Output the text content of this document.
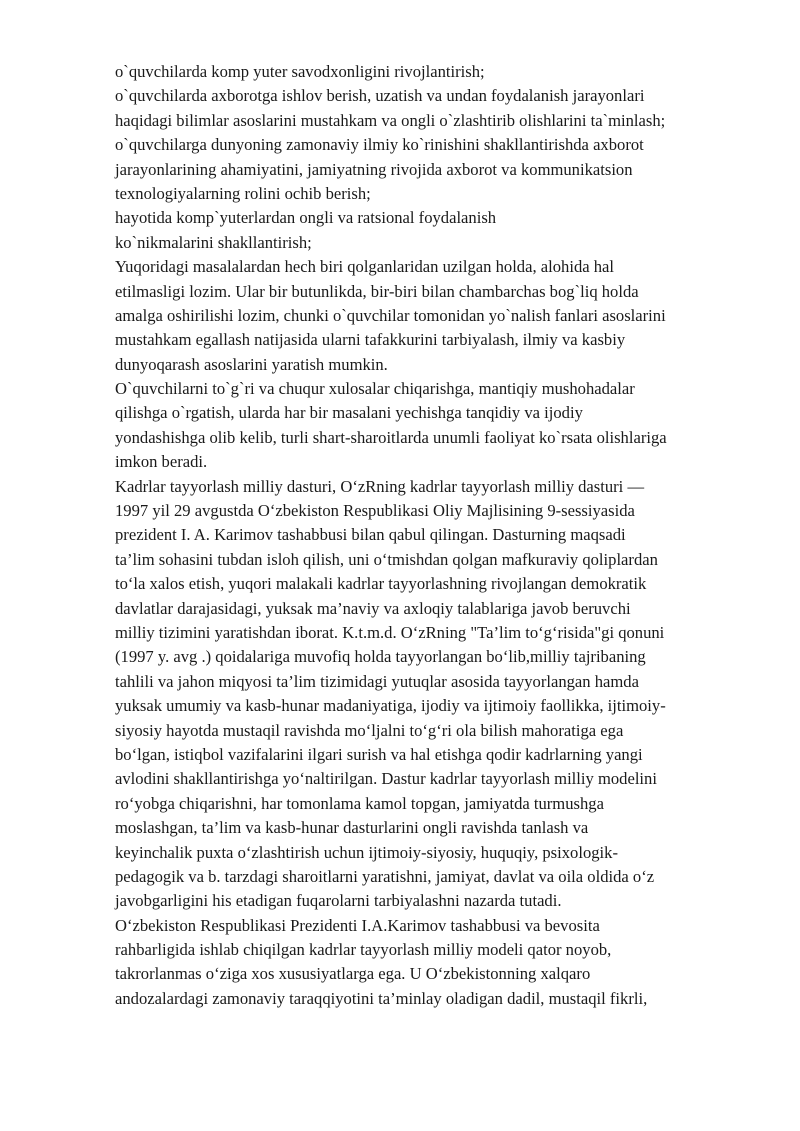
o`quvchilarda komp yuter savodxonligini rivojlantirish;
o`quvchilarda axborotga ishlov berish, uzatish va undan foydalanish jarayonlari
haqidagi bilimlar asoslarini mustahkam va ongli o`zlashtirib olishlarini ta`minlash;
o`quvchilarga dunyoning zamonaviy ilmiy ko`rinishini shakllantirishda axborot
jarayonlarining ahamiyatini, jamiyatning rivojida axborot va kommunikatsion
texnologiyalarning rolini ochib berish;
hayotida komp`yuterlardan ongli va ratsional foydalanish
ko`nikmalarini shakllantirish;
Yuqoridagi masalalardan hech biri qolganlaridan uzilgan holda, alohida hal
etilmasligi lozim. Ular bir butunlikda, bir-biri bilan chambarchas bog`liq holda
amalga oshirilishi lozim, chunki o`quvchilar tomonidan yo`nalish fanlari asoslarini
mustahkam egallash natijasida ularni tafakkurini tarbiyalash, ilmiy va kasbiy
dunyoqarash asoslarini yaratish mumkin.
O`quvchilarni to`g`ri va chuqur xulosalar chiqarishga, mantiqiy mushohadalar
qilishga o`rgatish, ularda har bir masalani yechishga tanqidiy va ijodiy
yondashishga olib kelib, turli shart-sharoitlarda unumli faoliyat ko`rsata olishlariga
imkon beradi.
Kadrlar tayyorlash milliy dasturi, O‘zRning kadrlar tayyorlash milliy dasturi —
1997 yil 29 avgustda O‘zbekiston Respublikasi Oliy Majlisining 9-sessiyasida
prezident I. A. Karimov tashabbusi bilan qabul qilingan. Dasturning maqsadi
ta’lim sohasini tubdan isloh qilish, uni o‘tmishdan qolgan mafkuraviy qoliplardan
to‘la xalos etish, yuqori malakali kadrlar tayyorlashning rivojlangan demokratik
davlatlar darajasidagi, yuksak ma’naviy va axloqiy talablariga javob beruvchi
milliy tizimini yaratishdan iborat. K.t.m.d. O‘zRning "Ta’lim to‘g‘risida"gi qonuni
(1997 y. avg .) qoidalariga muvofiq holda tayyorlangan bo‘lib,milliy tajribaning
tahlili va jahon miqyosi ta’lim tizimidagi yutuqlar asosida tayyorlangan hamda
yuksak umumiy va kasb-hunar madaniyatiga, ijodiy va ijtimoiy faollikka, ijtimoiy-
siyosiy hayotda mustaqil ravishda mo‘ljalni to‘g‘ri ola bilish mahoratiga ega
bo‘lgan, istiqbol vazifalarini ilgari surish va hal etishga qodir kadrlarning yangi
avlodini shakllantirishga yo‘naltirilgan. Dastur kadrlar tayyorlash milliy modelini
ro‘yobga chiqarishni, har tomonlama kamol topgan, jamiyatda turmushga
moslashgan, ta’lim va kasb-hunar dasturlarini ongli ravishda tanlash va
keyinchalik puxta o‘zlashtirish uchun ijtimoiy-siyosiy, huquqiy, psixologik-
pedagogik va b. tarzdagi sharoitlarni yaratishni, jamiyat, davlat va oila oldida o‘z
javobgarligini his etadigan fuqarolarni tarbiyalashni nazarda tutadi.
O‘zbekiston Respublikasi Prezidenti I.A.Karimov tashabbusi va bevosita
rahbarligida ishlab chiqilgan kadrlar tayyorlash milliy modeli qator noyob,
takrorlanmas o‘ziga xos xususiyatlarga ega. U O‘zbekistonning xalqaro
andozalardagi zamonaviy taraqqiyotini ta’minlay oladigan dadil, mustaqil fikrli,
